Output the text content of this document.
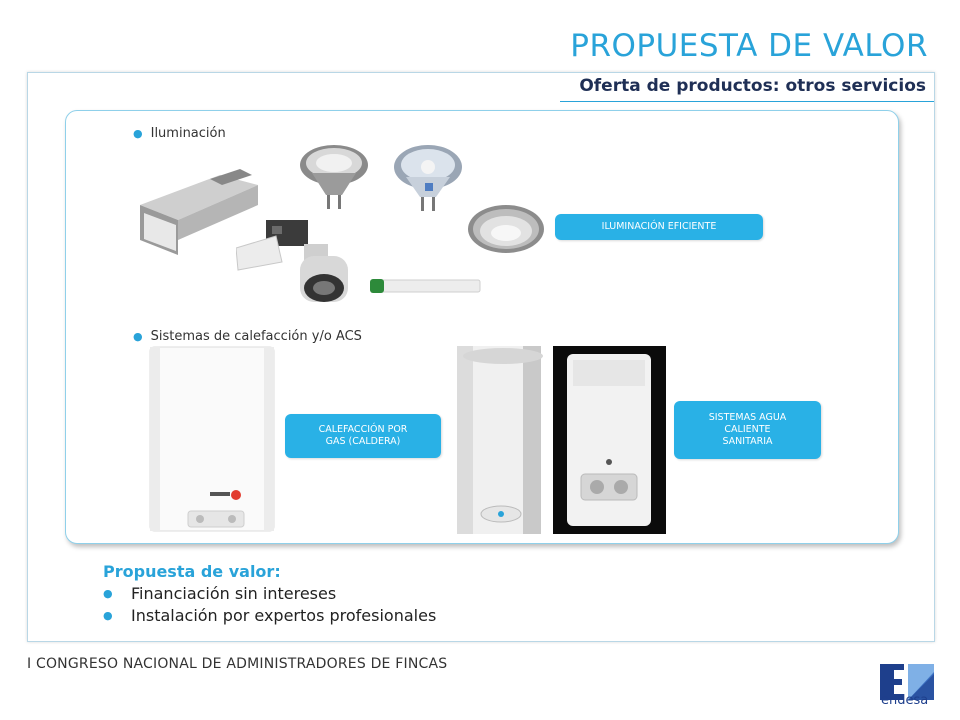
PROPUESTA DE VALOR
Oferta de productos: otros servicios
● Iluminación
ILUMINACIÓN EFICIENTE
● Sistemas de calefacción y/o ACS
CALEFACCIÓN POR
GAS (CALDERA)
SISTEMAS AGUA
CALIENTE
SANITARIA
Propuesta de valor:
●	Financiación sin intereses
●	Instalación por expertos profesionales
I CONGRESO NACIONAL DE ADMINISTRADORES DE FINCAS
endesa
